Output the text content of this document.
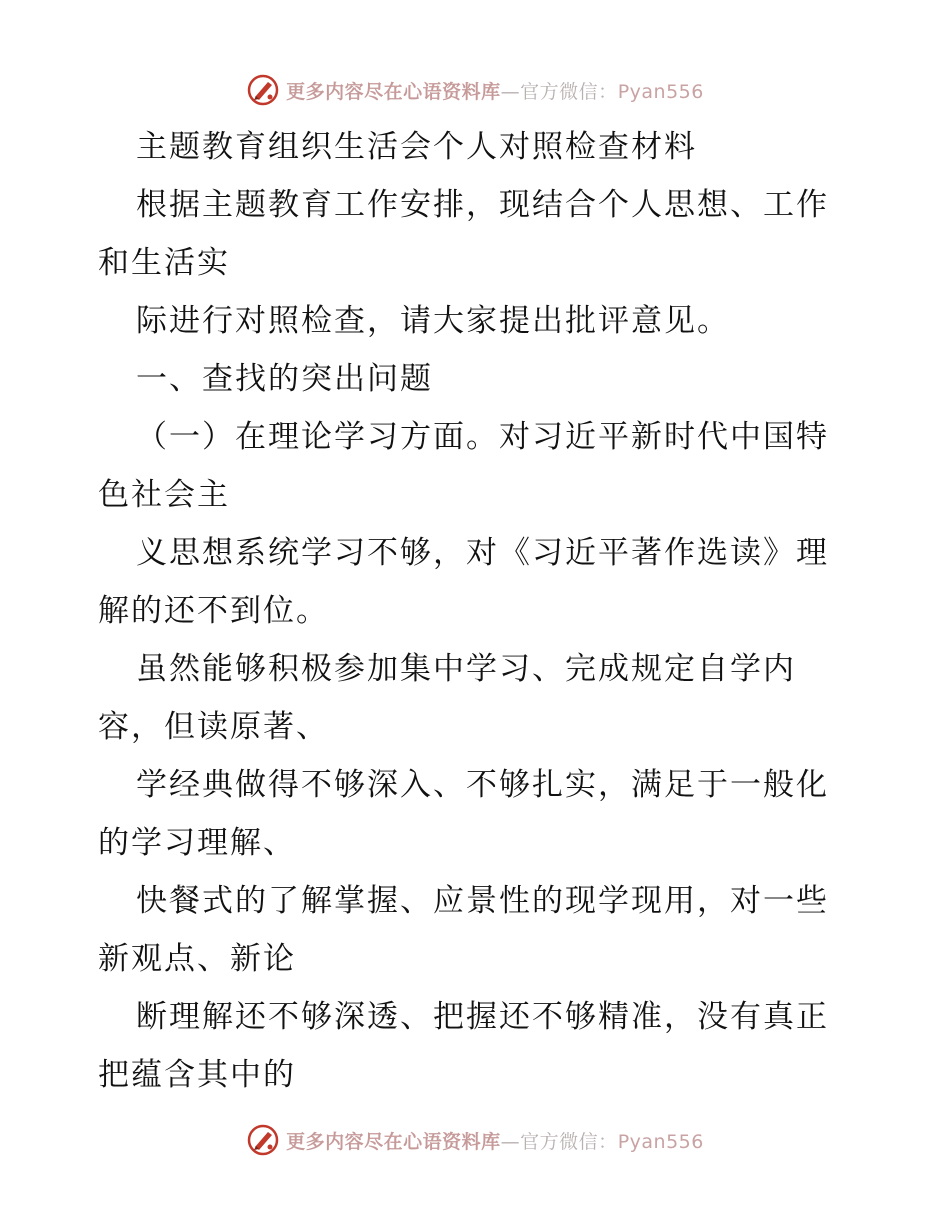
更多内容尽在心语资料库—官方微信：Pyan556
主题教育组织生活会个人对照检查材料
根据主题教育工作安排，现结合个人思想、工作
和生活实
际进行对照检查，请大家提出批评意见。
一、查找的突出问题
（一）在理论学习方面。对习近平新时代中国特
色社会主
义思想系统学习不够，对《习近平著作选读》理
解的还不到位。
虽然能够积极参加集中学习、完成规定自学内
容，但读原著、
学经典做得不够深入、不够扎实，满足于一般化
的学习理解、
快餐式的了解掌握、应景性的现学现用，对一些
新观点、新论
断理解还不够深透、把握还不够精准，没有真正
把蕴含其中的
更多内容尽在心语资料库—官方微信：Pyan556
